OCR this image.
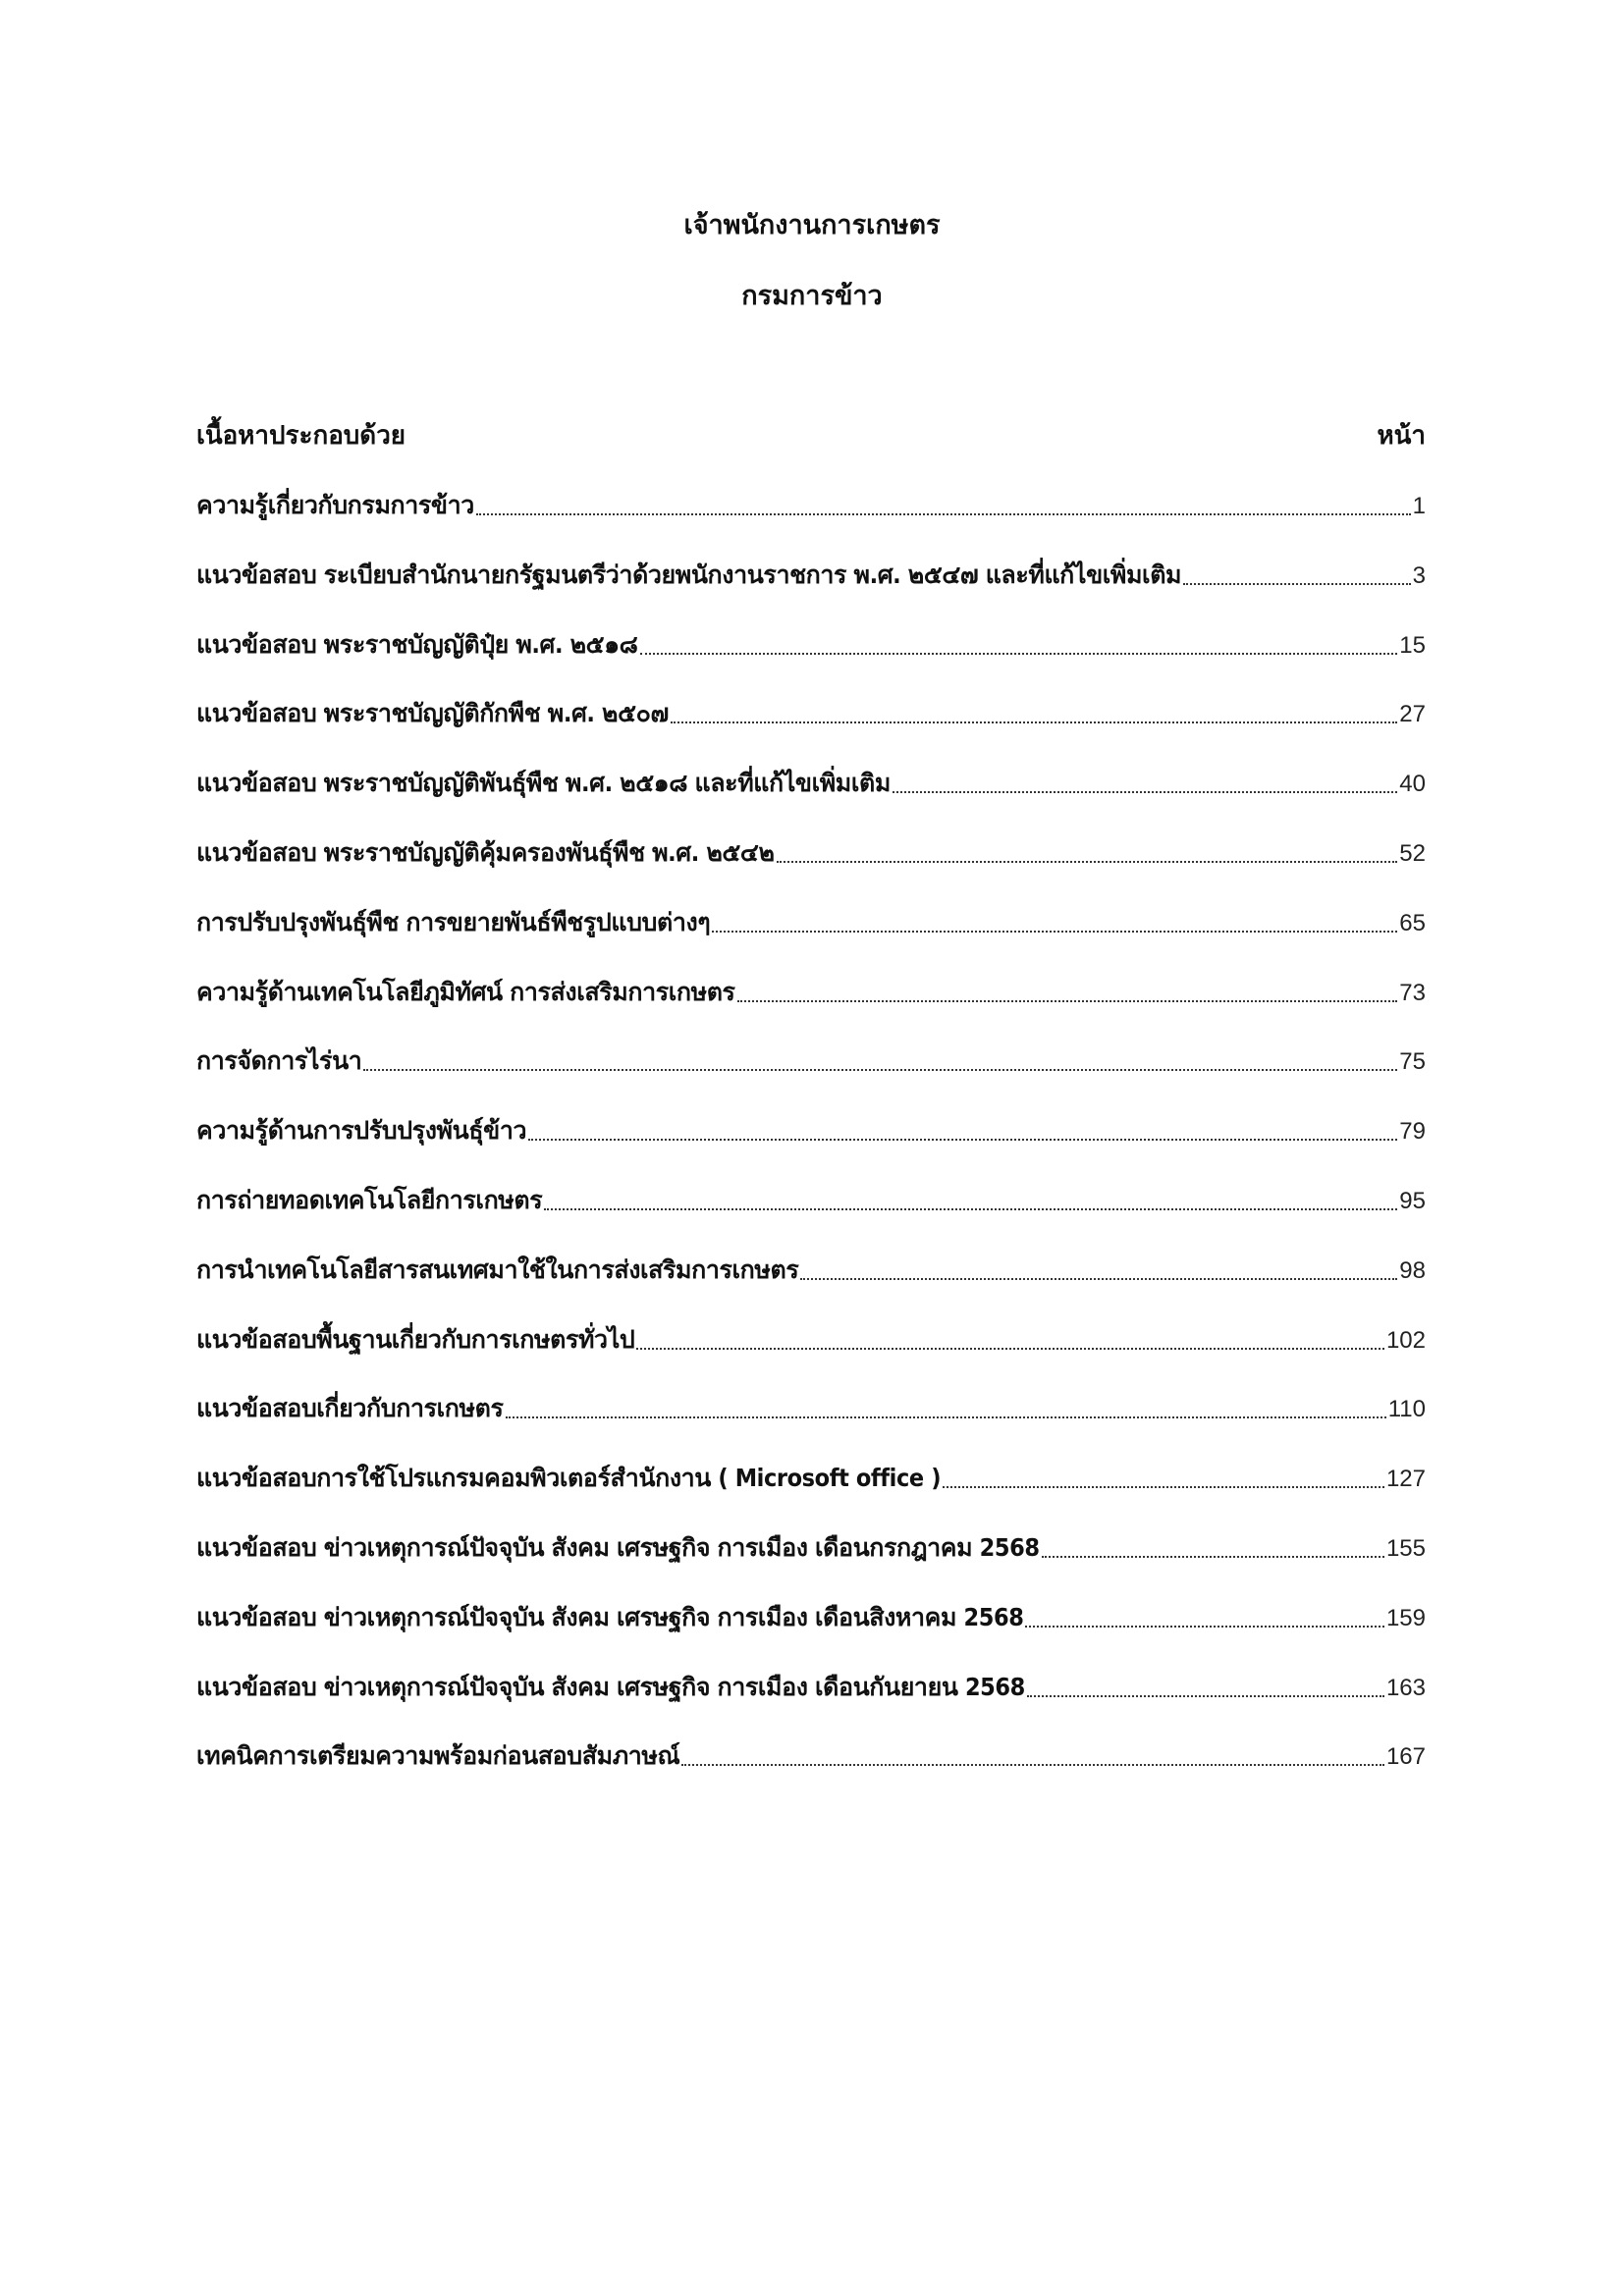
เจ้าพนักงานการเกษตร
กรมการข้าว
เนื้อหาประกอบด้วย	หน้า
ความรู้เกี่ยวกับกรมการข้าว	1
แนวข้อสอบ ระเบียบสำนักนายกรัฐมนตรีว่าด้วยพนักงานราชการ พ.ศ. ๒๕๔๗ และที่แก้ไขเพิ่มเติม	3
แนวข้อสอบ พระราชบัญญัติปุ๋ย พ.ศ. ๒๕๑๘	15
แนวข้อสอบ พระราชบัญญัติกักพืช พ.ศ. ๒๕๐๗	27
แนวข้อสอบ พระราชบัญญัติพันธุ์พืช พ.ศ. ๒๕๑๘ และที่แก้ไขเพิ่มเติม	40
แนวข้อสอบ พระราชบัญญัติคุ้มครองพันธุ์พืช พ.ศ. ๒๕๔๒	52
การปรับปรุงพันธุ์พืช การขยายพันธ์พืชรูปแบบต่างๆ	65
ความรู้ด้านเทคโนโลยีภูมิทัศน์ การส่งเสริมการเกษตร	73
การจัดการไร่นา	75
ความรู้ด้านการปรับปรุงพันธุ์ข้าว	79
การถ่ายทอดเทคโนโลยีการเกษตร	95
การนำเทคโนโลยีสารสนเทศมาใช้ในการส่งเสริมการเกษตร	98
แนวข้อสอบพื้นฐานเกี่ยวกับการเกษตรทั่วไป	102
แนวข้อสอบเกี่ยวกับการเกษตร	110
แนวข้อสอบการใช้โปรแกรมคอมพิวเตอร์สำนักงาน ( Microsoft office )	127
แนวข้อสอบ ข่าวเหตุการณ์ปัจจุบัน สังคม เศรษฐกิจ การเมือง เดือนกรกฎาคม 2568	155
แนวข้อสอบ ข่าวเหตุการณ์ปัจจุบัน สังคม เศรษฐกิจ การเมือง เดือนสิงหาคม 2568	159
แนวข้อสอบ ข่าวเหตุการณ์ปัจจุบัน สังคม เศรษฐกิจ การเมือง เดือนกันยายน 2568	163
เทคนิคการเตรียมความพร้อมก่อนสอบสัมภาษณ์	167
